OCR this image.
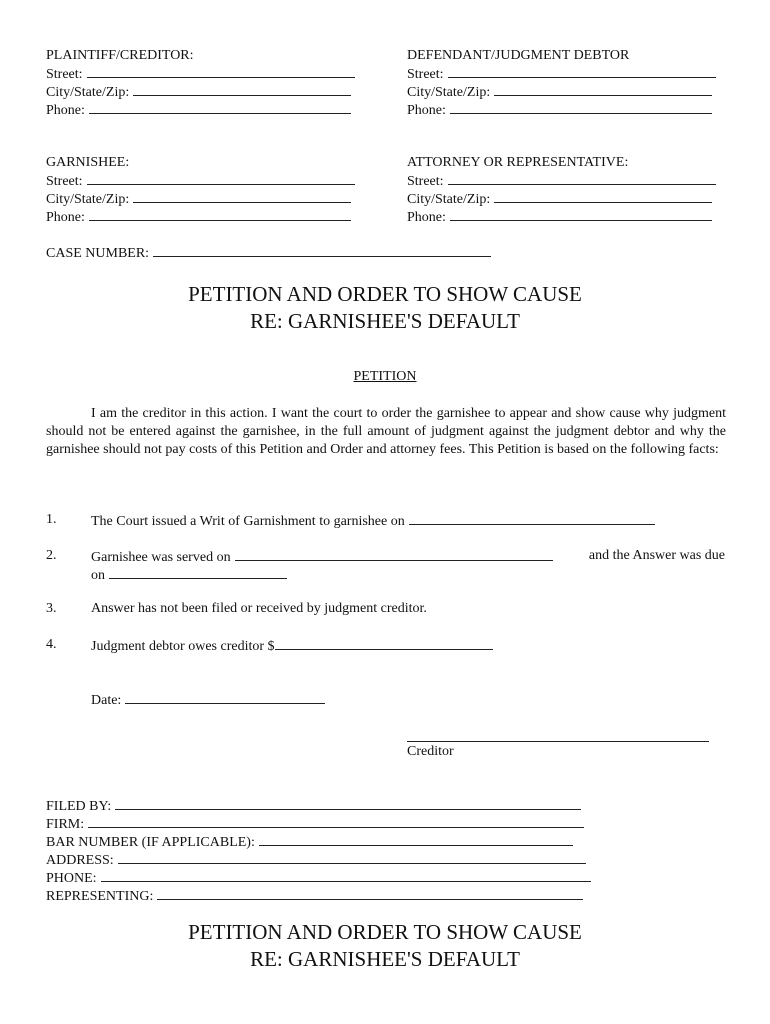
PLAINTIFF/CREDITOR:
Street:
City/State/Zip:
Phone:
DEFENDANT/JUDGMENT DEBTOR
Street:
City/State/Zip:
Phone:
GARNISHEE:
Street:
City/State/Zip:
Phone:
ATTORNEY OR REPRESENTATIVE:
Street:
City/State/Zip:
Phone:
CASE NUMBER:
PETITION AND ORDER TO SHOW CAUSE
RE: GARNISHEE'S DEFAULT
PETITION
I am the creditor in this action. I want the court to order the garnishee to appear and show cause why judgment should not be entered against the garnishee, in the full amount of judgment against the judgment debtor and why the garnishee should not pay costs of this Petition and Order and attorney fees. This Petition is based on the following facts:
1. The Court issued a Writ of Garnishment to garnishee on
2. Garnishee was served on	and the Answer was due
on
3. Answer has not been filed or received by judgment creditor.
4. Judgment debtor owes creditor $
Date:
Creditor
FILED BY:
FIRM:
BAR NUMBER (IF APPLICABLE):
ADDRESS:
PHONE:
REPRESENTING:
PETITION AND ORDER TO SHOW CAUSE
RE: GARNISHEE'S DEFAULT
